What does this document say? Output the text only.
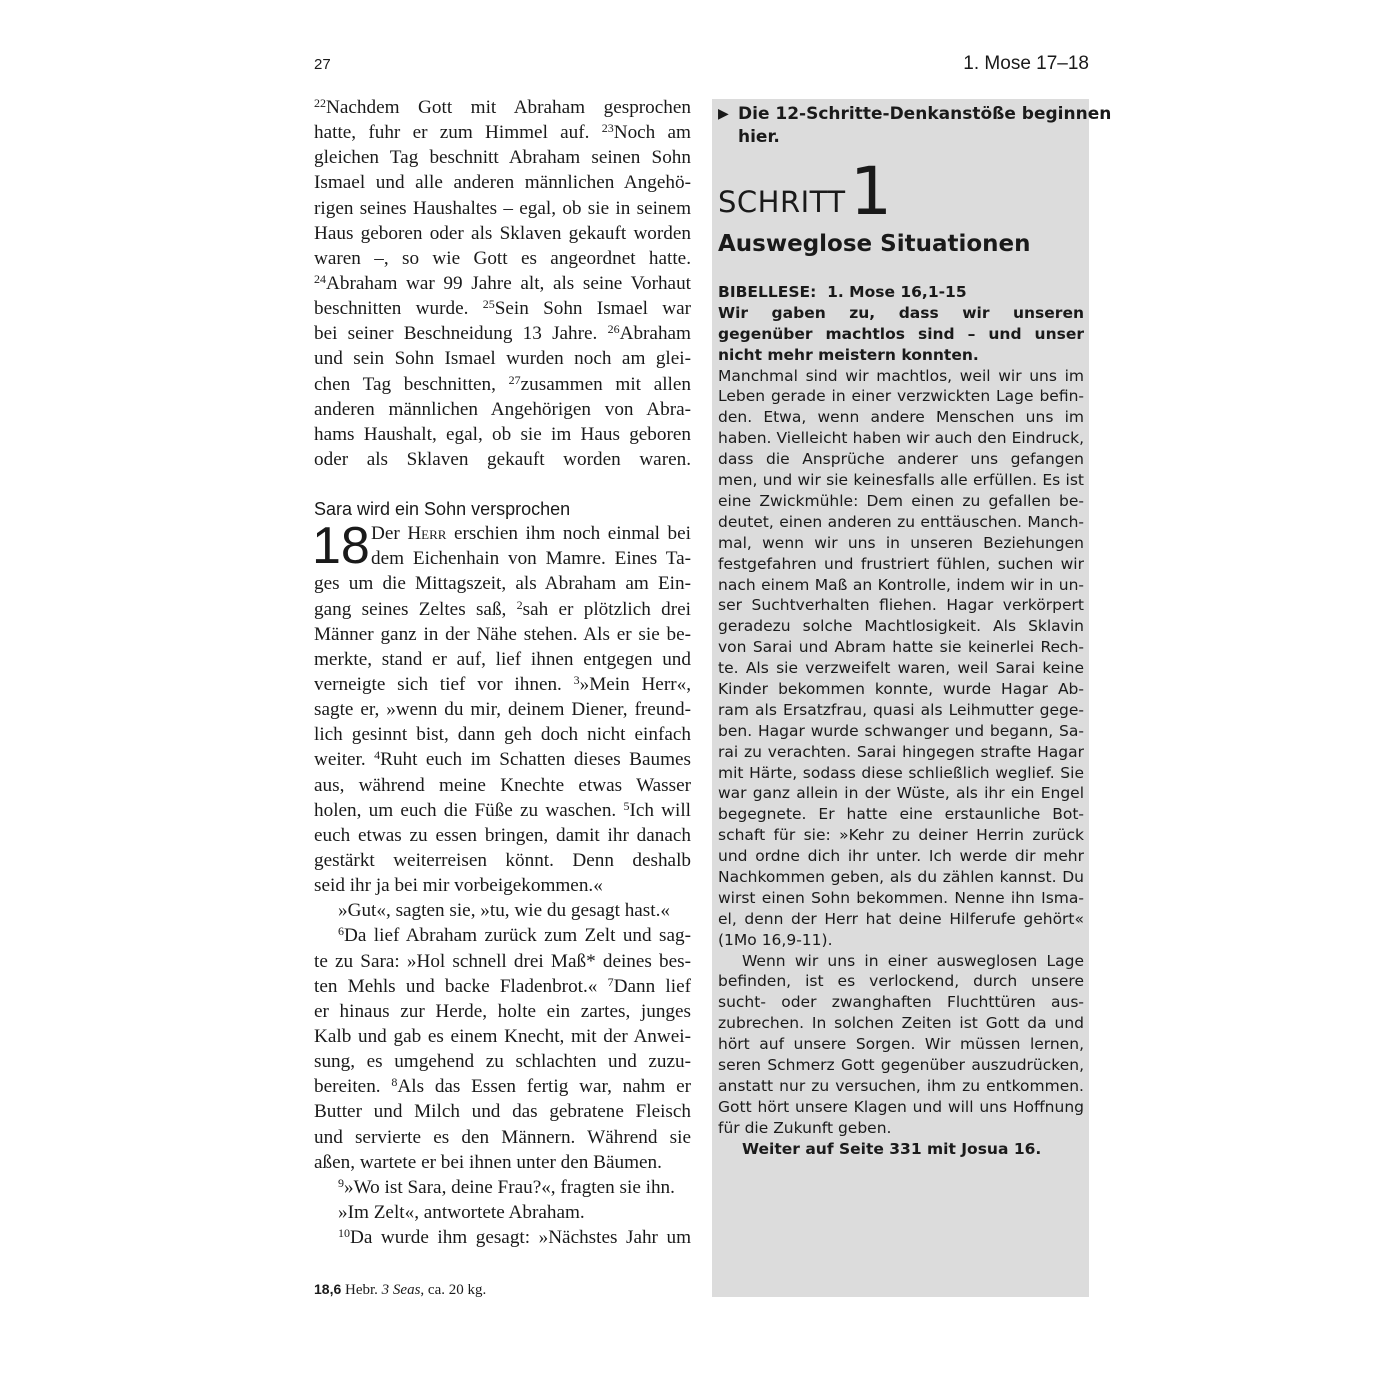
27	1. Mose 17–18
$^{22}$Nachdem Gott mit Abraham gesprochen
hatte, fuhr er zum Himmel auf. $^{23}$Noch am
gleichen Tag beschnitt Abraham seinen Sohn
Ismael und alle anderen männlichen Angehö-
rigen seines Haushaltes – egal, ob sie in seinem
Haus geboren oder als Sklaven gekauft worden
waren –, so wie Gott es angeordnet hatte.
$^{24}$Abraham war 99 Jahre alt, als seine Vorhaut
beschnitten wurde. $^{25}$Sein Sohn Ismael war
bei seiner Beschneidung 13 Jahre. $^{26}$Abraham
und sein Sohn Ismael wurden noch am glei-
chen Tag beschnitten, $^{27}$zusammen mit allen
anderen männlichen Angehörigen von Abra-
hams Haushalt, egal, ob sie im Haus geboren
oder als Sklaven gekauft worden waren.
Sara wird ein Sohn versprochen
18 Der Herr erschien ihm noch einmal bei
dem Eichenhain von Mamre. Eines Ta-
ges um die Mittagszeit, als Abraham am Ein-
gang seines Zeltes saß, $^2$sah er plötzlich drei
Männer ganz in der Nähe stehen. Als er sie be-
merkte, stand er auf, lief ihnen entgegen und
verneigte sich tief vor ihnen. $^3$»Mein Herr«,
sagte er, »wenn du mir, deinem Diener, freund-
lich gesinnt bist, dann geh doch nicht einfach
weiter. $^4$Ruht euch im Schatten dieses Baumes
aus, während meine Knechte etwas Wasser
holen, um euch die Füße zu waschen. $^5$Ich will
euch etwas zu essen bringen, damit ihr danach
gestärkt weiterreisen könnt. Denn deshalb
seid ihr ja bei mir vorbeigekommen.«
»Gut«, sagten sie, »tu, wie du gesagt hast.«
$^6$Da lief Abraham zurück zum Zelt und sag-
te zu Sara: »Hol schnell drei Maß* deines bes-
ten Mehls und backe Fladenbrot.« $^7$Dann lief
er hinaus zur Herde, holte ein zartes, junges
Kalb und gab es einem Knecht, mit der Anwei-
sung, es umgehend zu schlachten und zuzu-
bereiten. $^8$Als das Essen fertig war, nahm er
Butter und Milch und das gebratene Fleisch
und servierte es den Männern. Während sie
aßen, wartete er bei ihnen unter den Bäumen.
$^9$»Wo ist Sara, deine Frau?«, fragten sie ihn.
»Im Zelt«, antwortete Abraham.
$^{10}$Da wurde ihm gesagt: »Nächstes Jahr um
18,6 Hebr. 3 Seas, ca. 20 kg.
▶ Die 12-Schritte-Denkanstöße beginnen
hier.
SCHRITT 1
Ausweglose Situationen
BIBELLESE: 1. Mose 16,1-15
Wir gaben zu, dass wir unseren
gegenüber machtlos sind – und unser
nicht mehr meistern konnten.
Manchmal sind wir machtlos, weil wir uns im
Leben gerade in einer verzwickten Lage befin-
den. Etwa, wenn andere Menschen uns im
haben. Vielleicht haben wir auch den Eindruck,
dass die Ansprüche anderer uns gefangen
men, und wir sie keinesfalls alle erfüllen. Es ist
eine Zwickmühle: Dem einen zu gefallen be-
deutet, einen anderen zu enttäuschen. Manch-
mal, wenn wir uns in unseren Beziehungen
festgefahren und frustriert fühlen, suchen wir
nach einem Maß an Kontrolle, indem wir in un-
ser Suchtverhalten fliehen. Hagar verkörpert
geradezu solche Machtlosigkeit. Als Sklavin
von Sarai und Abram hatte sie keinerlei Rech-
te. Als sie verzweifelt waren, weil Sarai keine
Kinder bekommen konnte, wurde Hagar Ab-
ram als Ersatzfrau, quasi als Leihmutter gege-
ben. Hagar wurde schwanger und begann, Sa-
rai zu verachten. Sarai hingegen strafte Hagar
mit Härte, sodass diese schließlich weglief. Sie
war ganz allein in der Wüste, als ihr ein Engel
begegnete. Er hatte eine erstaunliche Bot-
schaft für sie: »Kehr zu deiner Herrin zurück
und ordne dich ihr unter. Ich werde dir mehr
Nachkommen geben, als du zählen kannst. Du
wirst einen Sohn bekommen. Nenne ihn Isma-
el, denn der Herr hat deine Hilferufe gehört«
(1Mo 16,9-11).
Wenn wir uns in einer ausweglosen Lage
befinden, ist es verlockend, durch unsere
sucht- oder zwanghaften Fluchttüren aus-
zubrechen. In solchen Zeiten ist Gott da und
hört auf unsere Sorgen. Wir müssen lernen,
seren Schmerz Gott gegenüber auszudrücken,
anstatt nur zu versuchen, ihm zu entkommen.
Gott hört unsere Klagen und will uns Hoffnung
für die Zukunft geben.
Weiter auf Seite 331 mit Josua 16.
